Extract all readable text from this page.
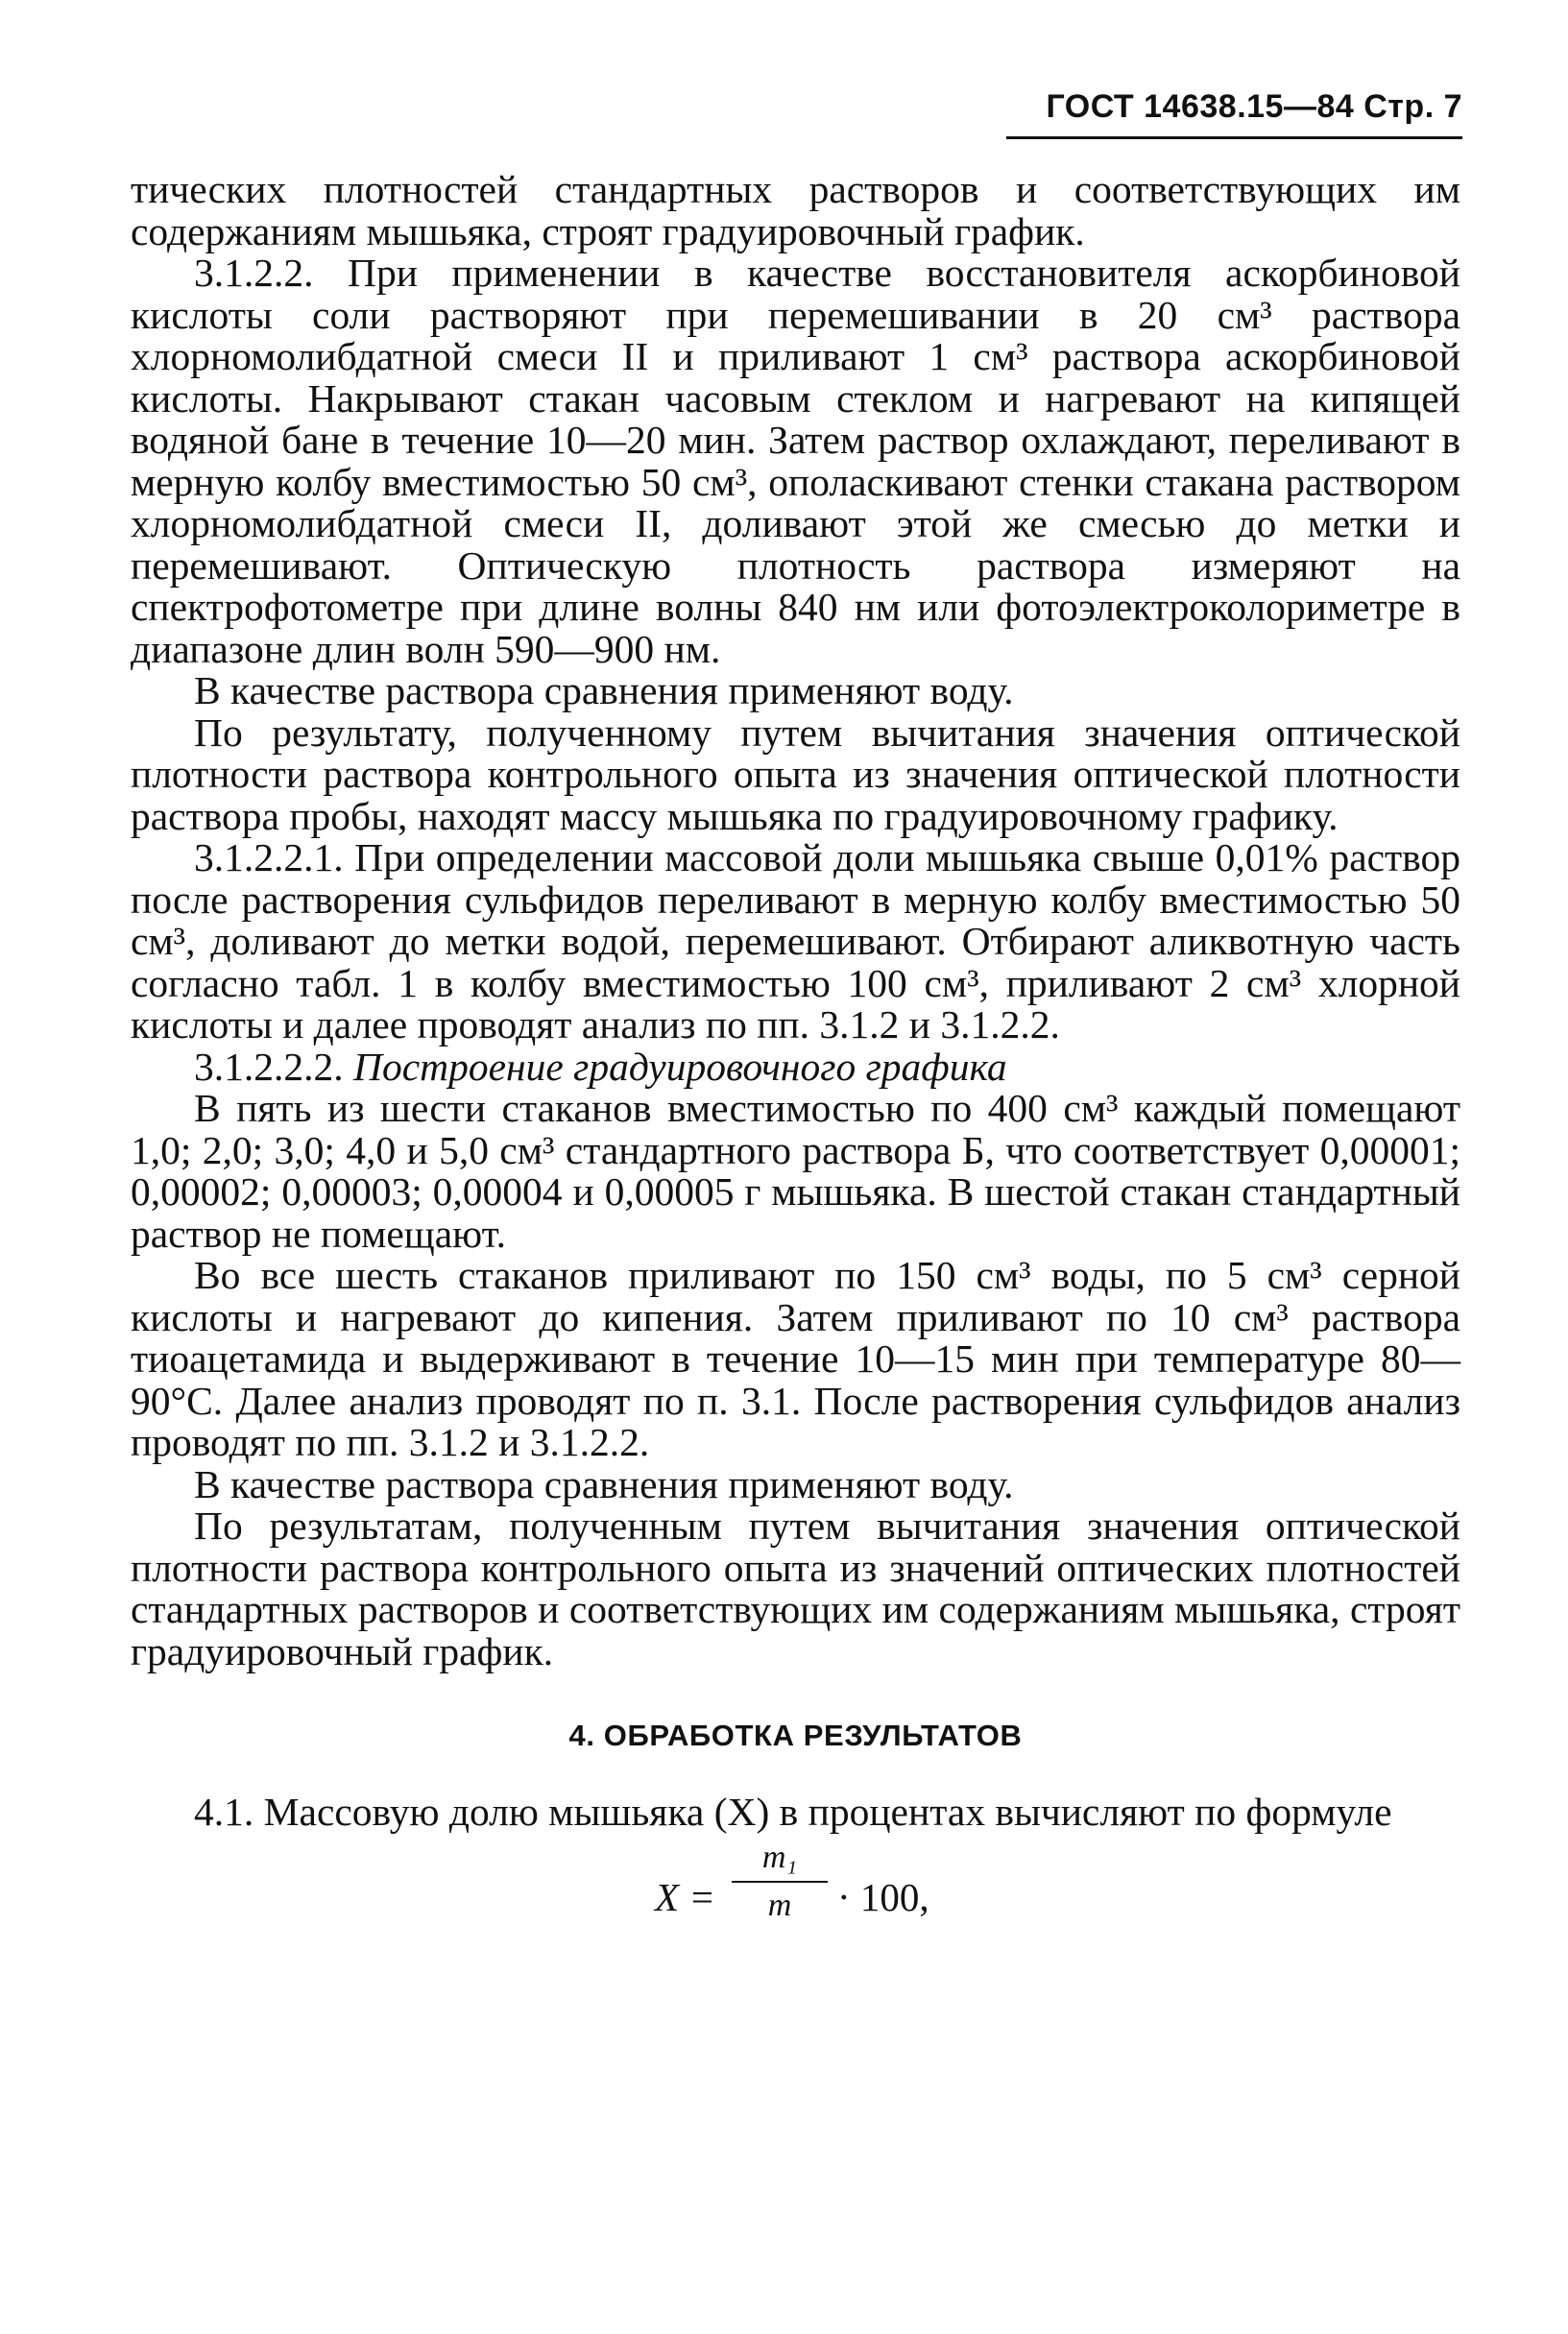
ГОСТ 14638.15—84 Стр. 7

тических плотностей стандартных растворов и соответствующих им содержаниям мышьяка, строят градуировочный график.

3.1.2.2. При применении в качестве восстановителя аскорбиновой кислоты соли растворяют при перемешивании в 20 см³ раствора хлорномолибдатной смеси II и приливают 1 см³ раствора аскорбиновой кислоты. Накрывают стакан часовым стеклом и нагревают на кипящей водяной бане в течение 10—20 мин. Затем раствор охлаждают, переливают в мерную колбу вместимостью 50 см³, ополаскивают стенки стакана раствором хлорномолибдатной смеси II, доливают этой же смесью до метки и перемешивают. Оптическую плотность раствора измеряют на спектрофотометре при длине волны 840 нм или фотоэлектроколориметре в диапазоне длин волн 590—900 нм.

В качестве раствора сравнения применяют воду.

По результату, полученному путем вычитания значения оптической плотности раствора контрольного опыта из значения оптической плотности раствора пробы, находят массу мышьяка по градуировочному графику.

3.1.2.2.1. При определении массовой доли мышьяка свыше 0,01% раствор после растворения сульфидов переливают в мерную колбу вместимостью 50 см³, доливают до метки водой, перемешивают. Отбирают аликвотную часть согласно табл. 1 в колбу вместимостью 100 см³, приливают 2 см³ хлорной кислоты и далее проводят анализ по пп. 3.1.2 и 3.1.2.2.

3.1.2.2.2. Построение градуировочного графика

В пять из шести стаканов вместимостью по 400 см³ каждый помещают 1,0; 2,0; 3,0; 4,0 и 5,0 см³ стандартного раствора Б, что соответствует 0,00001; 0,00002; 0,00003; 0,00004 и 0,00005 г мышьяка. В шестой стакан стандартный раствор не помещают.

Во все шесть стаканов приливают по 150 см³ воды, по 5 см³ серной кислоты и нагревают до кипения. Затем приливают по 10 см³ раствора тиоацетамида и выдерживают в течение 10—15 мин при температуре 80—90°С. Далее анализ проводят по п. 3.1. После растворения сульфидов анализ проводят по пп. 3.1.2 и 3.1.2.2.

В качестве раствора сравнения применяют воду.

По результатам, полученным путем вычитания значения оптической плотности раствора контрольного опыта из значений оптических плотностей стандартных растворов и соответствующих им содержаниям мышьяка, строят градуировочный график.

4. ОБРАБОТКА РЕЗУЛЬТАТОВ

4.1. Массовую долю мышьяка (X) в процентах вычисляют по формуле

X =
m₁
m	· 100,
